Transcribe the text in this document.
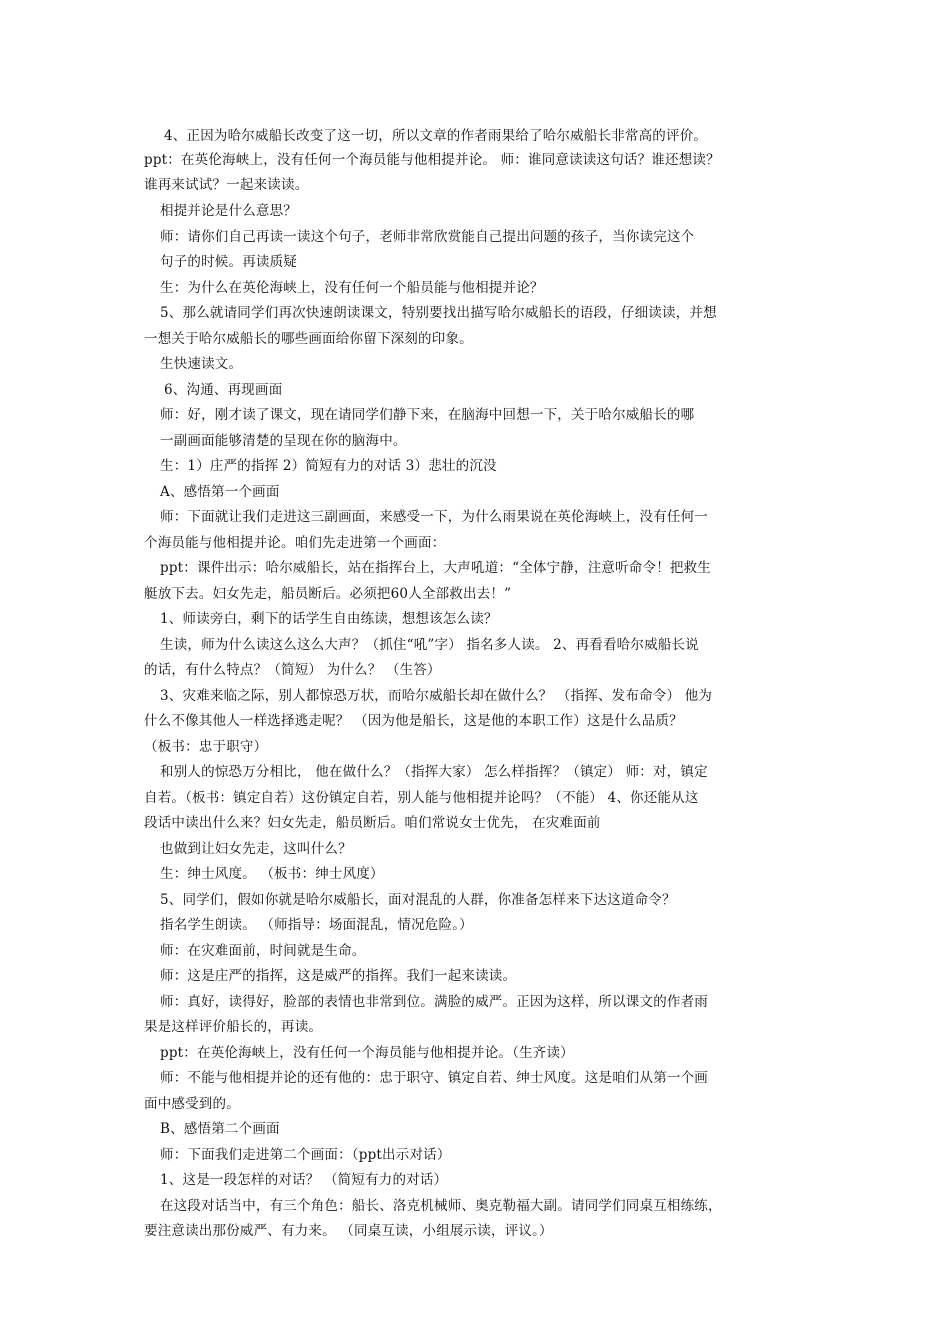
4、正因为哈尔威船长改变了这一切，所以文章的作者雨果给了哈尔威船长非常高的评价。
ppt：在英伦海峡上，没有任何一个海员能与他相提并论。 师：谁同意读读这句话？谁还想读？
谁再来试试？一起来读读。
相提并论是什么意思？
师：请你们自己再读一读这个句子，老师非常欣赏能自己提出问题的孩子，当你读完这个
句子的时候。再读质疑
生：为什么在英伦海峡上，没有任何一个船员能与他相提并论？
5、那么就请同学们再次快速朗读课文，特别要找出描写哈尔威船长的语段，仔细读读，并想
一想关于哈尔威船长的哪些画面给你留下深刻的印象。
生快速读文。
6、沟通、再现画面
师：好，刚才读了课文，现在请同学们静下来，在脑海中回想一下，关于哈尔威船长的哪
一副画面能够清楚的呈现在你的脑海中。
生：1）庄严的指挥 2）简短有力的对话 3）悲壮的沉没
A、感悟第一个画面
师：下面就让我们走进这三副画面，来感受一下，为什么雨果说在英伦海峡上，没有任何一
个海员能与他相提并论。咱们先走进第一个画面：
ppt：课件出示：哈尔威船长，站在指挥台上，大声吼道：“全体宁静，注意听命令！把救生
艇放下去。妇女先走，船员断后。必须把60人全部救出去！”
1、师读旁白，剩下的话学生自由练读，想想该怎么读？
生读，师为什么读这么这么大声？（抓住“吼”字） 指名多人读。 2、再看看哈尔威船长说
的话，有什么特点？（简短） 为什么？ （生答）
3、灾难来临之际，别人都惊恐万状，而哈尔威船长却在做什么？ （指挥、发布命令） 他为
什么不像其他人一样选择逃走呢？ （因为他是船长，这是他的本职工作）这是什么品质？
（板书：忠于职守）
和别人的惊恐万分相比， 他在做什么？（指挥大家） 怎么样指挥？（镇定） 师：对，镇定
自若。（板书：镇定自若）这份镇定自若，别人能与他相提并论吗？（不能） 4、你还能从这
段话中读出什么来？妇女先走，船员断后。咱们常说女士优先， 在灾难面前
也做到让妇女先走，这叫什么？
生：绅士风度。 （板书：绅士风度）
5、同学们，假如你就是哈尔威船长，面对混乱的人群，你准备怎样来下达这道命令？
指名学生朗读。 （师指导：场面混乱，情况危险。）
师：在灾难面前，时间就是生命。
师：这是庄严的指挥，这是威严的指挥。我们一起来读读。
师：真好，读得好，脸部的表情也非常到位。满脸的威严。正因为这样，所以课文的作者雨
果是这样评价船长的，再读。
ppt：在英伦海峡上，没有任何一个海员能与他相提并论。（生齐读）
师：不能与他相提并论的还有他的：忠于职守、镇定自若、绅士风度。这是咱们从第一个画
面中感受到的。
B、感悟第二个画面
师：下面我们走进第二个画面：（ppt出示对话）
1、这是一段怎样的对话？ （简短有力的对话）
在这段对话当中，有三个角色：船长、洛克机械师、奥克勒福大副。请同学们同桌互相练练，
要注意读出那份威严、有力来。 （同桌互读，小组展示读，评议。）
